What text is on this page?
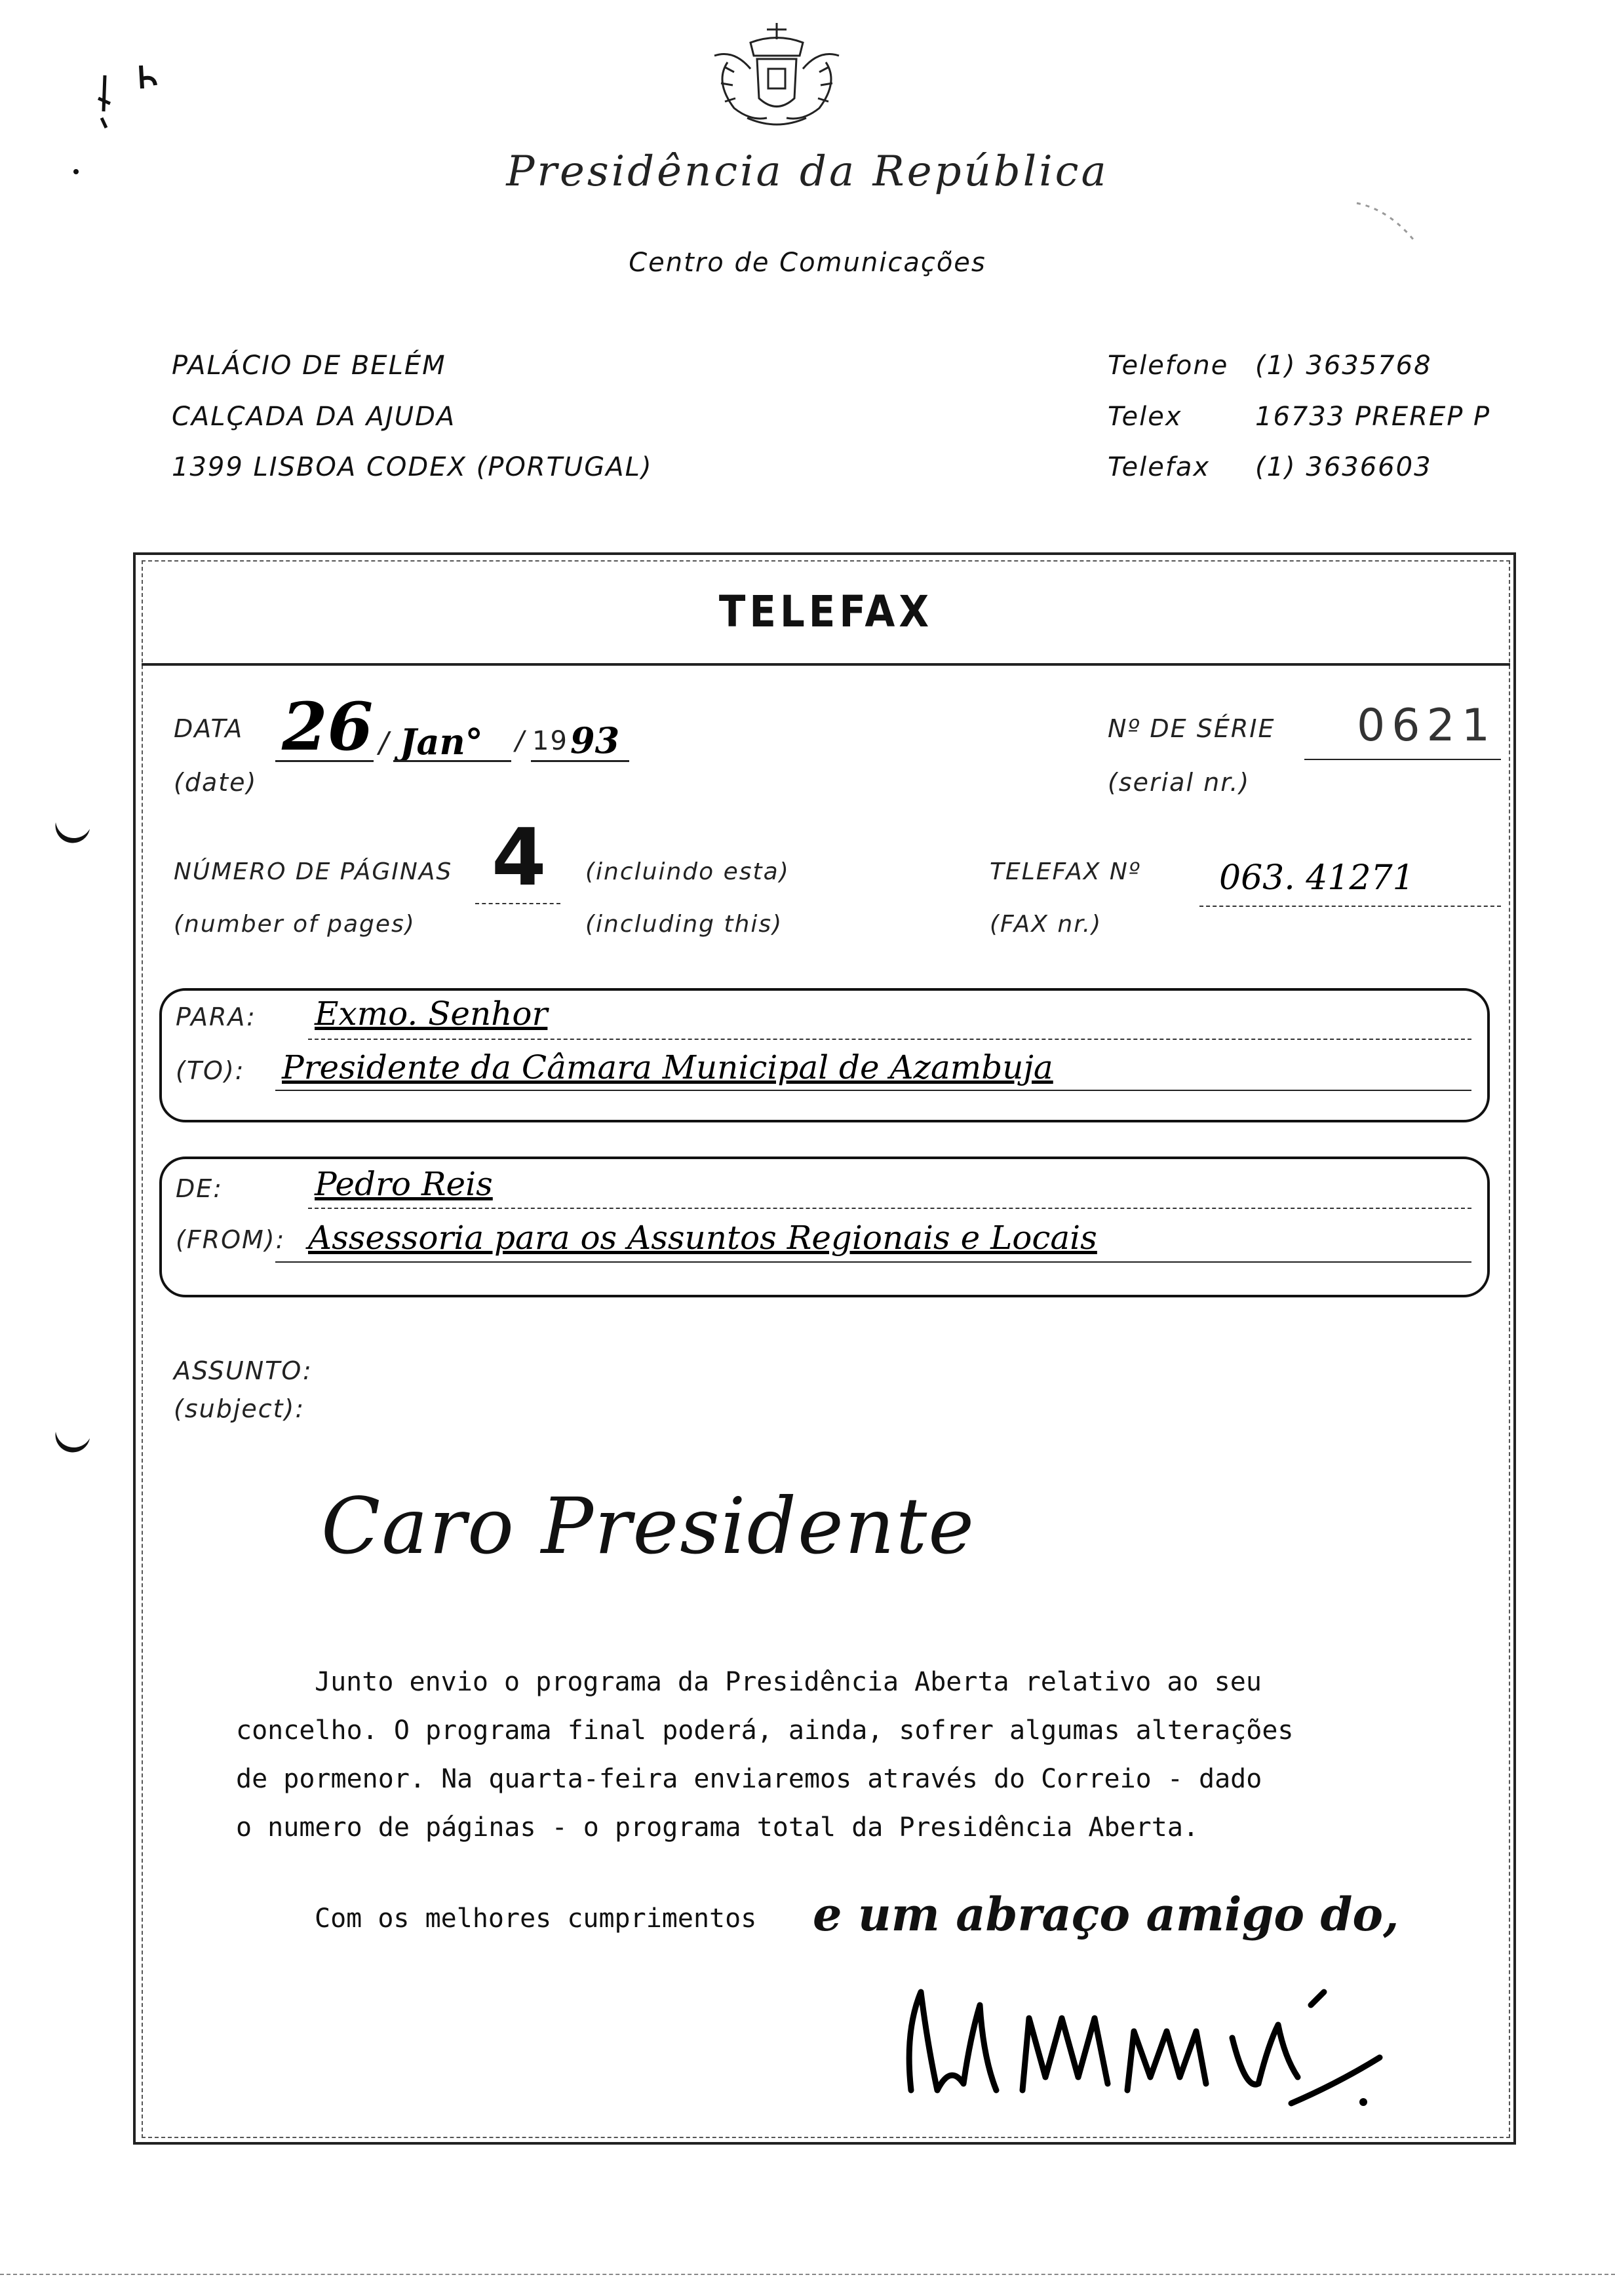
Presidência da República
Centro de Comunicações
PALÁCIO DE BELÉM
CALÇADA DA AJUDA
1399 LISBOA CODEX (PORTUGAL)
Telefone (1) 3635768
Telex	16733 PREREP P
Telefax (1) 3636603
TELEFAX
DATA
(date)
26 / Jan° / 19 93	Nº DE SÉRIE
(serial nr.)
0621
NÚMERO DE PÁGINAS
(number of pages)
4 (incluindo esta)
(including this)
TELEFAX Nº
(FAX nr.)
063. 41271
PARA:
(TO):
Exmo. Senhor
Presidente da Câmara Municipal de Azambuja
DE:
(FROM):
Pedro Reis
Assessoria para os Assuntos Regionais e Locais
ASSUNTO:
(subject):
Caro Presidente
Junto envio o programa da Presidência Aberta relativo ao seu
concelho. O programa final poderá, ainda, sofrer algumas alterações
de pormenor. Na quarta-feira enviaremos através do Correio - dado
o numero de páginas - o programa total da Presidência Aberta.
Com os melhores cumprimentos e um abraço amigo do,
